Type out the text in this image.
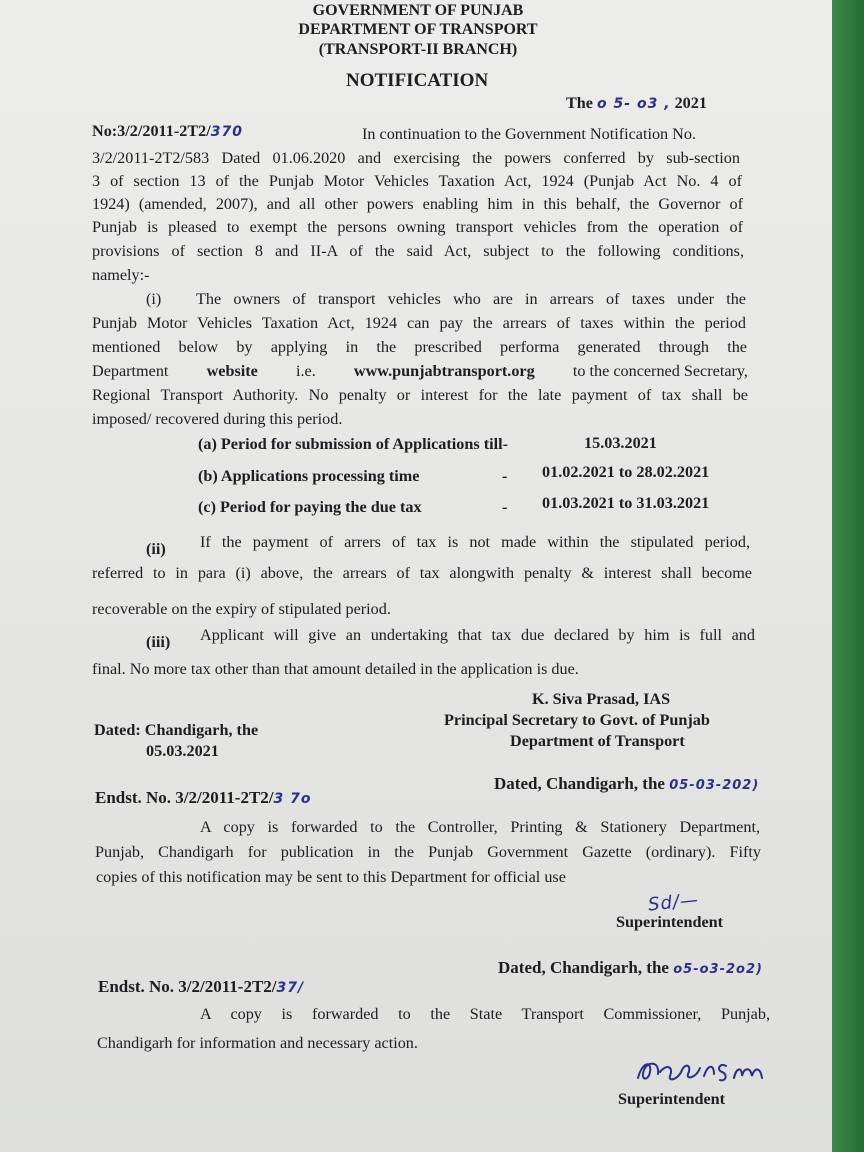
GOVERNMENT OF PUNJAB
DEPARTMENT OF TRANSPORT
(TRANSPORT-II BRANCH)
NOTIFICATION
The o 5- o3 , 2021
No:3/2/2011-2T2/370	In continuation to the Government Notification No.
3/2/2011-2T2/583 Dated 01.06.2020 and exercising the powers conferred by sub-section
3 of section 13 of the Punjab Motor Vehicles Taxation Act, 1924 (Punjab Act No. 4 of
1924) (amended, 2007), and all other powers enabling him in this behalf, the Governor of
Punjab is pleased to exempt the persons owning transport vehicles from the operation of
provisions of section 8 and II-A of the said Act, subject to the following conditions,
namely:-
(i) The owners of transport vehicles who are in arrears of taxes under the
Punjab Motor Vehicles Taxation Act, 1924 can pay the arrears of taxes within the period
mentioned below by applying in the prescribed performa generated through the
Department website i.e. www.punjabtransport.org to the concerned Secretary,
Regional Transport Authority. No penalty or interest for the late payment of tax shall be
imposed/ recovered during this period.
(a) Period for submission of Applications till-	15.03.2021
(b) Applications processing time	- 01.02.2021 to 28.02.2021
(c) Period for paying the due tax	- 01.03.2021 to 31.03.2021
(ii) If the payment of arrers of tax is not made within the stipulated period,
referred to in para (i) above, the arrears of tax alongwith penalty & interest shall become
recoverable on the expiry of stipulated period.
(iii) Applicant will give an undertaking that tax due declared by him is full and
final. No more tax other than that amount detailed in the application is due.
K. Siva Prasad, IAS
Principal Secretary to Govt. of Punjab
Department of Transport
Dated: Chandigarh, the
05.03.2021
Endst. No. 3/2/2011-2T2/3 7o
Dated, Chandigarh, the 05-03-202)
A copy is forwarded to the Controller, Printing & Stationery Department,
Punjab, Chandigarh for publication in the Punjab Government Gazette (ordinary). Fifty
copies of this notification may be sent to this Department for official use
Sd/—
Superintendent
Endst. No. 3/2/2011-2T2/37/
Dated, Chandigarh, the o5-o3-2o2)
A copy is forwarded to the State Transport Commissioner, Punjab,
Chandigarh for information and necessary action.
Superintendent
